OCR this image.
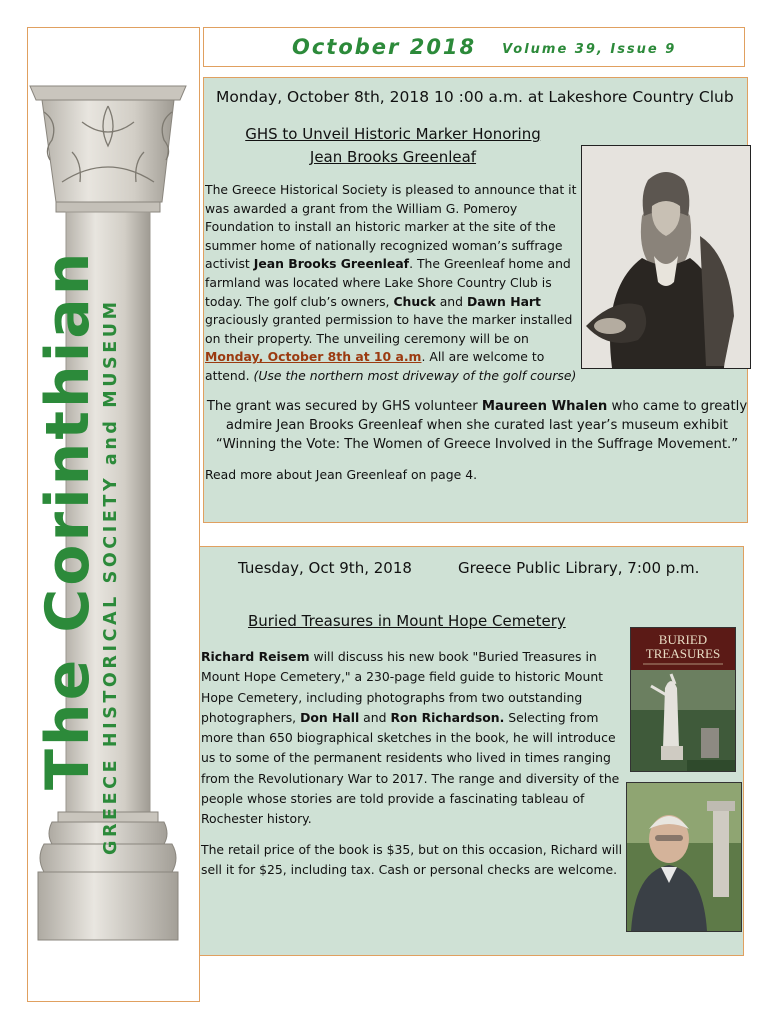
The Corinthian
GREECE HISTORICAL SOCIETY and MUSEUM
October 2018 Volume 39, Issue 9
Monday, October 8th, 2018 10 :00 a.m. at Lakeshore Country Club
GHS to Unveil Historic Marker Honoring
Jean Brooks Greenleaf
The Greece Historical Society is pleased to announce that it was awarded a grant from the William G. Pomeroy Foundation to install an historic marker at the site of the summer home of nationally recognized woman’s suffrage activist Jean Brooks Greenleaf. The Greenleaf home and farmland was located where Lake Shore Country Club is today. The golf club’s owners, Chuck and Dawn Hart graciously granted permission to have the marker installed on their property. The unveiling ceremony will be on Monday, October 8th at 10 a.m. All are welcome to attend. (Use the northern most driveway of the golf course)
The grant was secured by GHS volunteer Maureen Whalen who came to greatly admire Jean Brooks Greenleaf when she curated last year’s museum exhibit “Winning the Vote: The Women of Greece Involved in the Suffrage Movement.”
Read more about Jean Greenleaf on page 4.
Tuesday, Oct 9th, 2018	Greece Public Library, 7:00 p.m.
Buried Treasures in Mount Hope Cemetery
Richard Reisem will discuss his new book "Buried Treasures in Mount Hope Cemetery," a 230-page field guide to historic Mount Hope Cemetery, including photographs from two outstanding photographers, Don Hall and Ron Richardson. Selecting from more than 650 biographical sketches in the book, he will introduce us to some of the permanent residents who lived in times ranging from the Revolutionary War to 2017. The range and diversity of the people whose stories are told provide a fascinating tableau of Rochester history.
The retail price of the book is $35, but on this occasion, Richard will sell it for $25, including tax. Cash or personal checks are welcome.
BURIED
TREASURES
